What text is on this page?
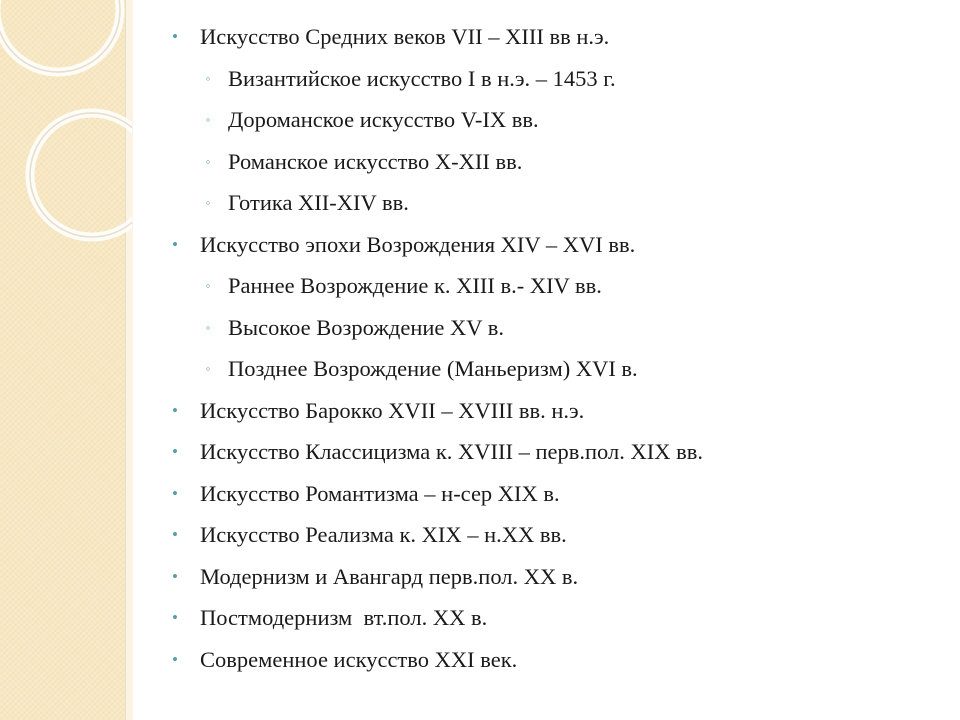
• Искусство Средних веков VII – XIII вв н.э.
◦ Византийское искусство I в н.э. – 1453 г.
◦ Дороманское искусство V-IX вв.
◦ Романское искусство X-XII вв.
◦ Готика XII-XIV вв.
• Искусство эпохи Возрождения XIV – XVI вв.
◦ Раннее Возрождение к. XIII в.- XIV вв.
◦ Высокое Возрождение XV в.
◦ Позднее Возрождение (Маньеризм) XVI в.
• Искусство Барокко XVII – XVIII вв. н.э.
• Искусство Классицизма к. XVIII – перв.пол. XIX вв.
• Искусство Романтизма – н-сер XIX в.
• Искусство Реализма к. XIX – н.XX вв.
• Модернизм и Авангард перв.пол. XX в.
• Постмодернизм  вт.пол. XX в.
• Современное искусство XXI век.
